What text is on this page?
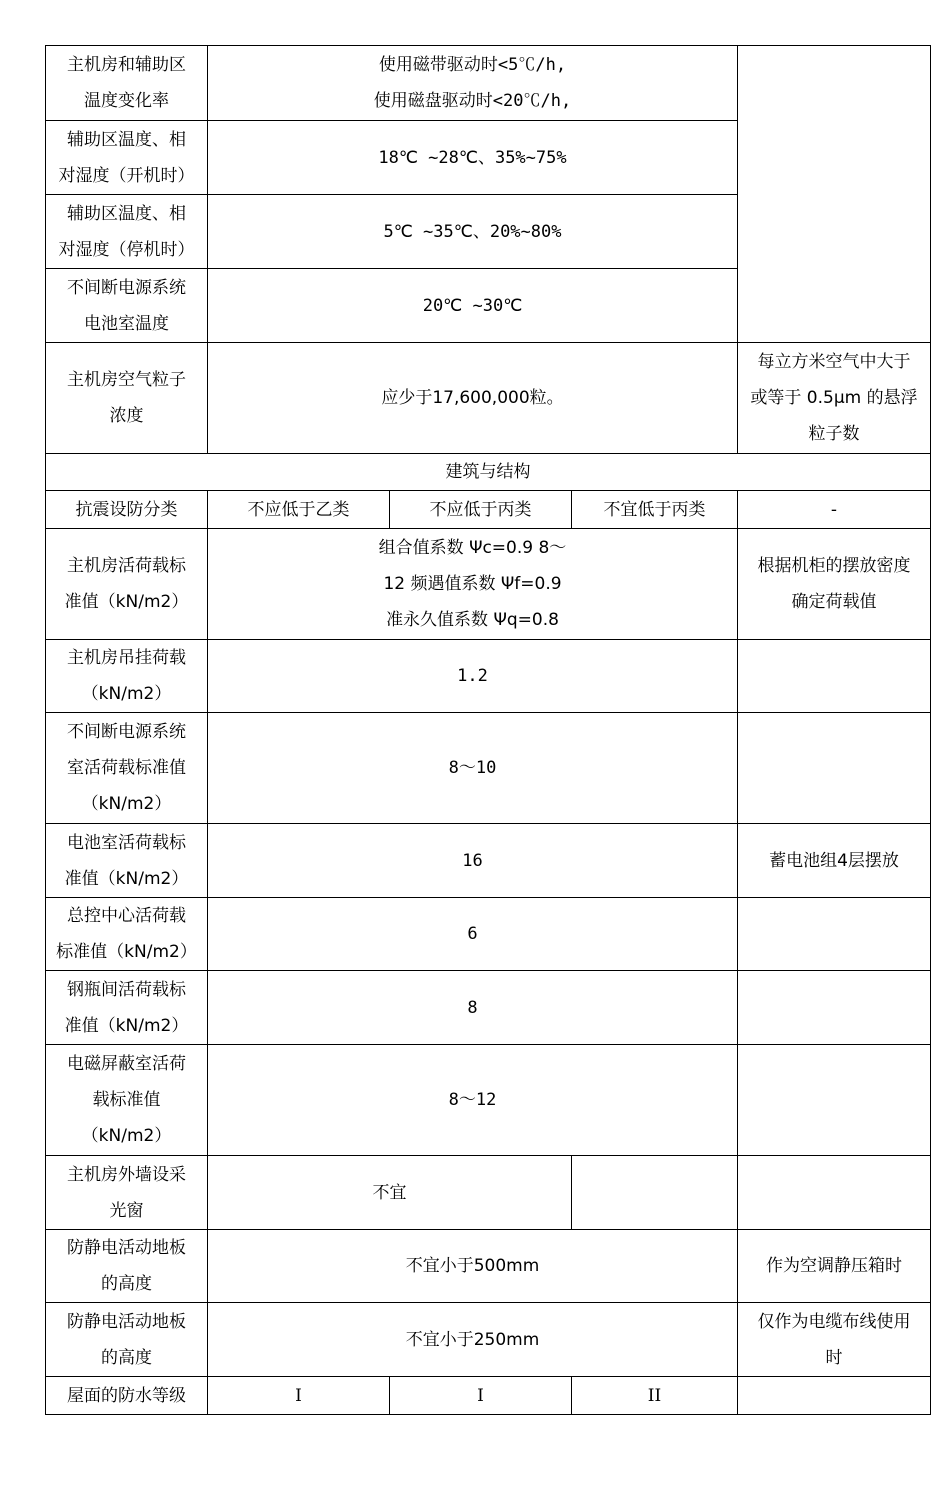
主机房和辅助区
温度变化率	使用磁带驱动时<5℃/h,
使用磁盘驱动时<20℃/h,			

辅助区温度、相
对湿度（开机时）	18℃ ~28℃、35%~75%			

辅助区温度、相
对湿度（停机时）	5℃ ~35℃、20%~80%			

不间断电源系统
电池室温度	20℃ ~30℃			

主机房空气粒子
浓度	应少于17,600,000粒。			每立方米空气中大于
或等于 0.5μm 的悬浮
粒子数

建筑与结构				
抗震设防分类	不应低于乙类	不应低于丙类	不宜低于丙类	-

主机房活荷载标
准值（kN/m2）	组合值系数 Ψc=0.9 8～
12 频遇值系数 Ψf=0.9
准永久值系数 Ψq=0.8			根据机柜的摆放密度
确定荷载值

主机房吊挂荷载
（kN/m2）	1.2			

不间断电源系统
室活荷载标准值
（kN/m2）	8～10			

电池室活荷载标
准值（kN/m2）	16			蓄电池组4层摆放

总控中心活荷载
标准值（kN/m2）	6			

钢瓶间活荷载标
准值（kN/m2）	8			

电磁屏蔽室活荷
载标准值
（kN/m2）	8～12			

主机房外墙设采
光窗	不宜			

防静电活动地板
的高度	不宜小于500mm			作为空调静压箱时

防静电活动地板
的高度	不宜小于250mm			仅作为电缆布线使用
时

屋面的防水等级	I	I	II	
